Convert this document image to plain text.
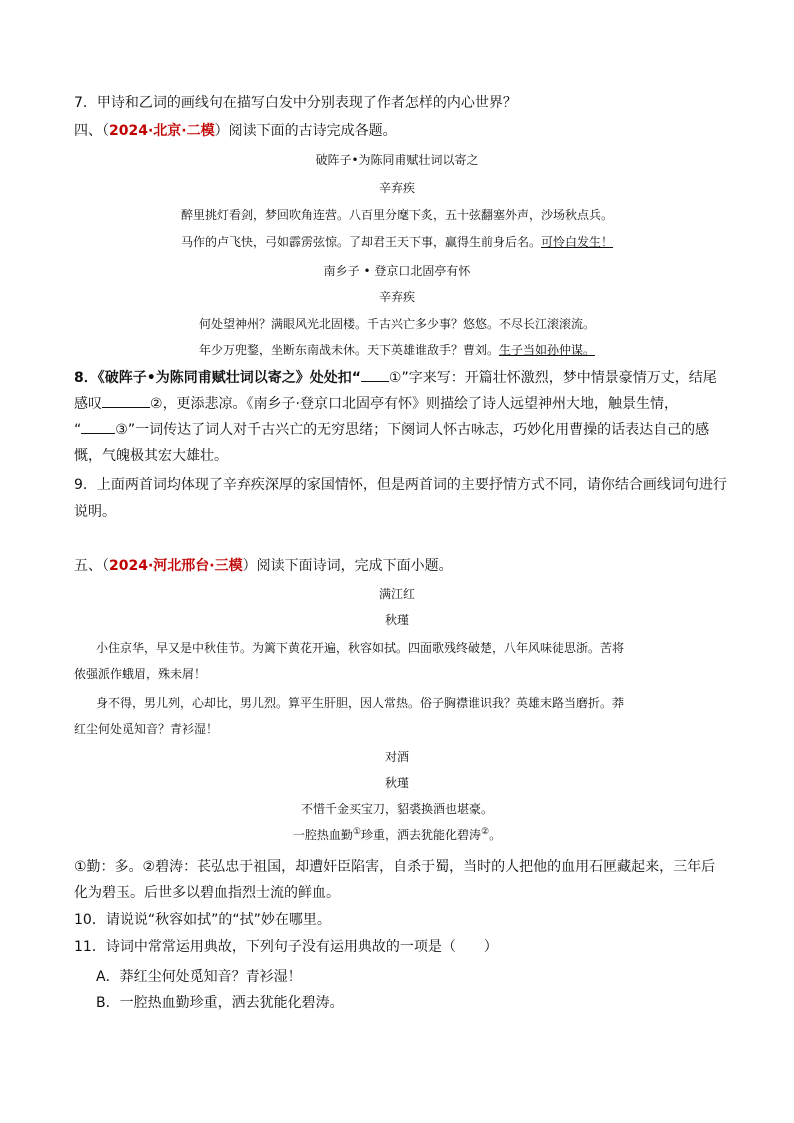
7．甲诗和乙词的画线句在描写白发中分别表现了作者怎样的内心世界？
四、（2024·北京·二模）阅读下面的古诗完成各题。
破阵子•为陈同甫赋壮词以寄之
辛弃疾
醉里挑灯看剑，梦回吹角连营。八百里分麾下炙，五十弦翻塞外声，沙场秋点兵。
马作的卢飞快，弓如霹雳弦惊。了却君王天下事，赢得生前身后名。可怜白发生！
南乡子 • 登京口北固亭有怀
辛弃疾
何处望神州？满眼风光北固楼。千古兴亡多少事？悠悠。不尽长江滚滚流。
年少万兜鍪，坐断东南战未休。天下英雄谁敌手？曹刘。生子当如孙仲谋。
8．《破阵子•为陈同甫赋壮词以寄之》处处扣“ ①”字来写：开篇壮怀激烈，梦中情景豪情万丈，结尾
感叹	②，更添悲凉。《南乡子·登京口北固亭有怀》则描绘了诗人远望神州大地，触景生情，
“ ③”一词传达了词人对千古兴亡的无穷思绪；下阕词人怀古咏志，巧妙化用曹操的话表达自己的感
慨，气魄极其宏大雄壮。
9．上面两首词均体现了辛弃疾深厚的家国情怀，但是两首词的主要抒情方式不同，请你结合画线词句进行
说明。
五、（2024·河北邢台·三模）阅读下面诗词，完成下面小题。
满江红
秋瑾
小住京华，早又是中秋佳节。为篱下黄花开遍，秋容如拭。四面歌残终破楚，八年风味徒思浙。苦将
侬强派作蛾眉，殊未屑！
身不得，男儿列，心却比，男儿烈。算平生肝胆，因人常热。俗子胸襟谁识我？英雄末路当磨折。莽
红尘何处觅知音？青衫湿！
对酒
秋瑾
不惜千金买宝刀，貂裘换酒也堪豪。
一腔热血勤①珍重，洒去犹能化碧涛②。
①勤：多。②碧涛：苌弘忠于祖国，却遭奸臣陷害，自杀于蜀，当时的人把他的血用石匣藏起来，三年后
化为碧玉。后世多以碧血指烈士流的鲜血。
10．请说说“秋容如拭”的“拭”妙在哪里。
11．诗词中常常运用典故，下列句子没有运用典故的一项是（　　）
A．莽红尘何处觅知音？青衫湿！
B．一腔热血勤珍重，洒去犹能化碧涛。
